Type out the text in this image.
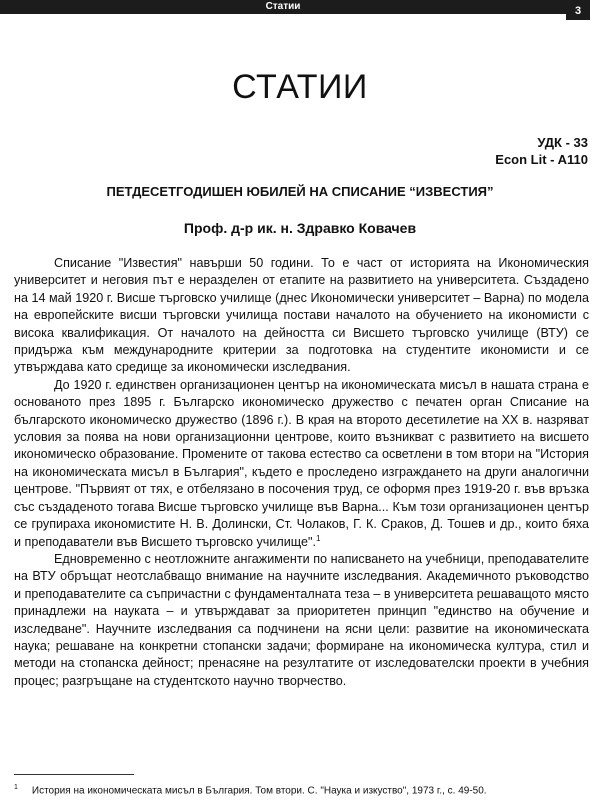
Статии	3
СТАТИИ
УДК - 33
Econ Lit - A110
ПЕТДЕСЕТГОДИШЕН ЮБИЛЕЙ НА СПИСАНИЕ “ИЗВЕСТИЯ”
Проф. д-р ик. н. Здравко Ковачев

Списание "Известия" навърши 50 години. То е част от историята на Икономическия университет и неговия път е неразделен от етапите на развитието на университета. Създадено на 14 май 1920 г. Висше търговско училище (днес Икономически университет – Варна) по модела на европейските висши търговски училища постави началото на обучението на икономисти с висока квалификация. От началото на дейността си Висшето търговско училище (ВТУ) се придържа към международните критерии за подготовка на студентите икономисти и се утвърждава като средище за икономически изследвания.

До 1920 г. единствен организационен център на икономическата мисъл в нашата страна е основаното през 1895 г. Българско икономическо дружество с печатен орган Списание на българското икономическо дружество (1896 г.). В края на второто десетилетие на ХХ в. назряват условия за поява на нови организационни центрове, които възникват с развитието на висшето икономическо образование. Промените от такова естество са осветлени в том втори на "История на икономическата мисъл в България", където е проследено изграждането на други аналогични центрове. "Първият от тях, е отбелязано в посочения труд, се оформя през 1919-20 г. във връзка със създаденото тогава Висше търговско училище във Варна... Към този организационен център се групираха икономистите Н. В. Долински, Ст. Чолаков, Г. К. Сраков, Д. Тошев и др., които бяха и преподаватели във Висшето търговско училище".$^1$

Едновременно с неотложните ангажименти по написването на учебници, преподавателите на ВТУ обръщат неотслабващо внимание на научните изследвания. Академичното ръководство и преподавателите са съпричастни с фундаменталната теза – в университета решаващото място принадлежи на науката – и утвърждават за приоритетен принцип "единство на обучение и изследване". Научните изследвания са подчинени на ясни цели: развитие на икономическата наука; решаване на конкретни стопански задачи; формиране на икономическа култура, стил и методи на стопанска дейност; пренасяне на резултатите от изследователски проекти в учебния процес; разгръщане на студентското научно творчество.

$^1$ История на икономическата мисъл в България. Том втори. С. "Наука и изкуство", 1973 г., с. 49-50.
